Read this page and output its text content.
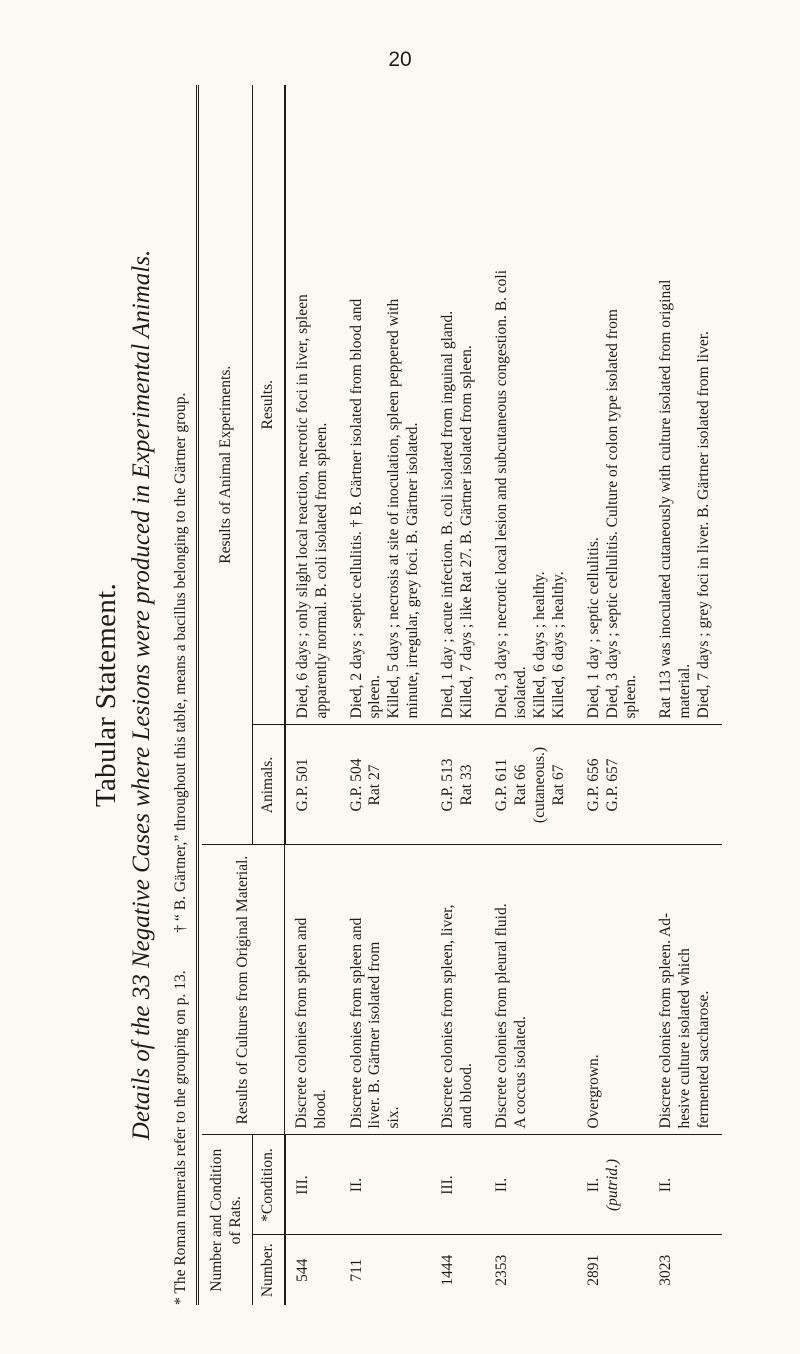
20
Tabular Statement. Details of the 33 Negative Cases where Lesions were produced in Experimental Animals. * The Roman numerals refer to the grouping on p. 13.  † “ B. Gärtner,” throughout this table, means a bacillus belonging to the Gärtner group.
Number and Condition of Rats.		Results of Cultures from Original Material.	Results of Animal Experiments.	
Number.	*Condition.		Animals.	Results.

544	III.	Discrete colonies from spleen and blood.	G.P. 501	Died, 6 days ; only slight local reaction, necrotic foci in liver, spleen apparently normal. B. coli isolated from spleen.

711	II.	Discrete colonies from spleen and liver. B. Gärtner isolated from six.	G.P. 504 Rat 27	Died, 2 days ; septic cellulitis. † B. Gärtner isolated from blood and spleen. Killed, 5 days ; necrosis at site of inoculation, spleen peppered with minute, irregular, grey foci. B. Gärtner isolated.

1444	III.	Discrete colonies from spleen, liver, and blood.	G.P. 513 Rat 33	Died, 1 day ; acute infection. B. coli isolated from inguinal gland. Killed, 7 days ; like Rat 27. B. Gärtner isolated from spleen.

2353	II.	Discrete colonies from pleural fluid. A coccus isolated.	G.P. 611 Rat 66 (cutaneous.) Rat 67	Died, 3 days ; necrotic local lesion and subcutaneous congestion. B. coli isolated. Killed, 6 days ; healthy. Killed, 6 days ; healthy.

2891	II. (putrid.)	Overgrown.	G.P. 656 G.P. 657	Died, 1 day ; septic cellulitis. Died, 3 days ; septic cellulitis. Culture of colon type isolated from spleen.

3023	II.	Discrete colonies from spleen. Ad- hesive culture isolated which fermented saccharose.		Rat 113 was inoculated cutaneously with culture isolated from original material. Died, 7 days ; grey foci in liver. B. Gärtner isolated from liver.
